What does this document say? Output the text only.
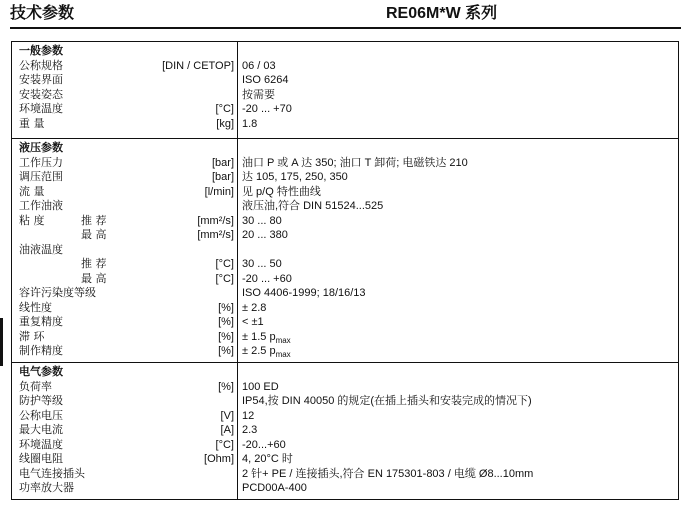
技术参数	RE06M*W 系列
一般参数
公称规格	[DIN / CETOP] 06 / 03
安装界面	ISO 6264
安装姿态	按需要
环境温度	[°C] -20 ... +70
重 量	[kg] 1.8
液压参数
工作压力	[bar] 油口 P 或 A 达 350; 油口 T 卸荷; 电磁铁达 210
调压范围	[bar] 达 105, 175, 250, 350
流 量	[l/min] 见 p/Q 特性曲线
工作油液	液压油,符合 DIN 51524...525
粘 度	推 荐	[mm²/s] 30 ... 80
最 高	[mm²/s] 20 ... 380
油液温度
推 荐	[°C] 30 ... 50
最 高	[°C] -20 ... +60
容许污染度等级	ISO 4406-1999; 18/16/13
线性度	[%] ± 2.8
重复精度	[%] < ±1
滞 环	[%] ± 1.5 $p_{max}$
制作精度	[%] ± 2.5 $p_{max}$
电气参数
负荷率	[%] 100 ED
防护等级	IP54,按 DIN 40050 的规定(在插上插头和安装完成的情况下)
公称电压	[V] 12
最大电流	[A] 2.3
环境温度	[°C] -20...+60
线圈电阻	[Ohm] 4, 20°C 时
电气连接插头	2 针+ PE / 连接插头,符合 EN 175301-803 / 电缆 Ø8...10mm
功率放大器	PCD00A-400
